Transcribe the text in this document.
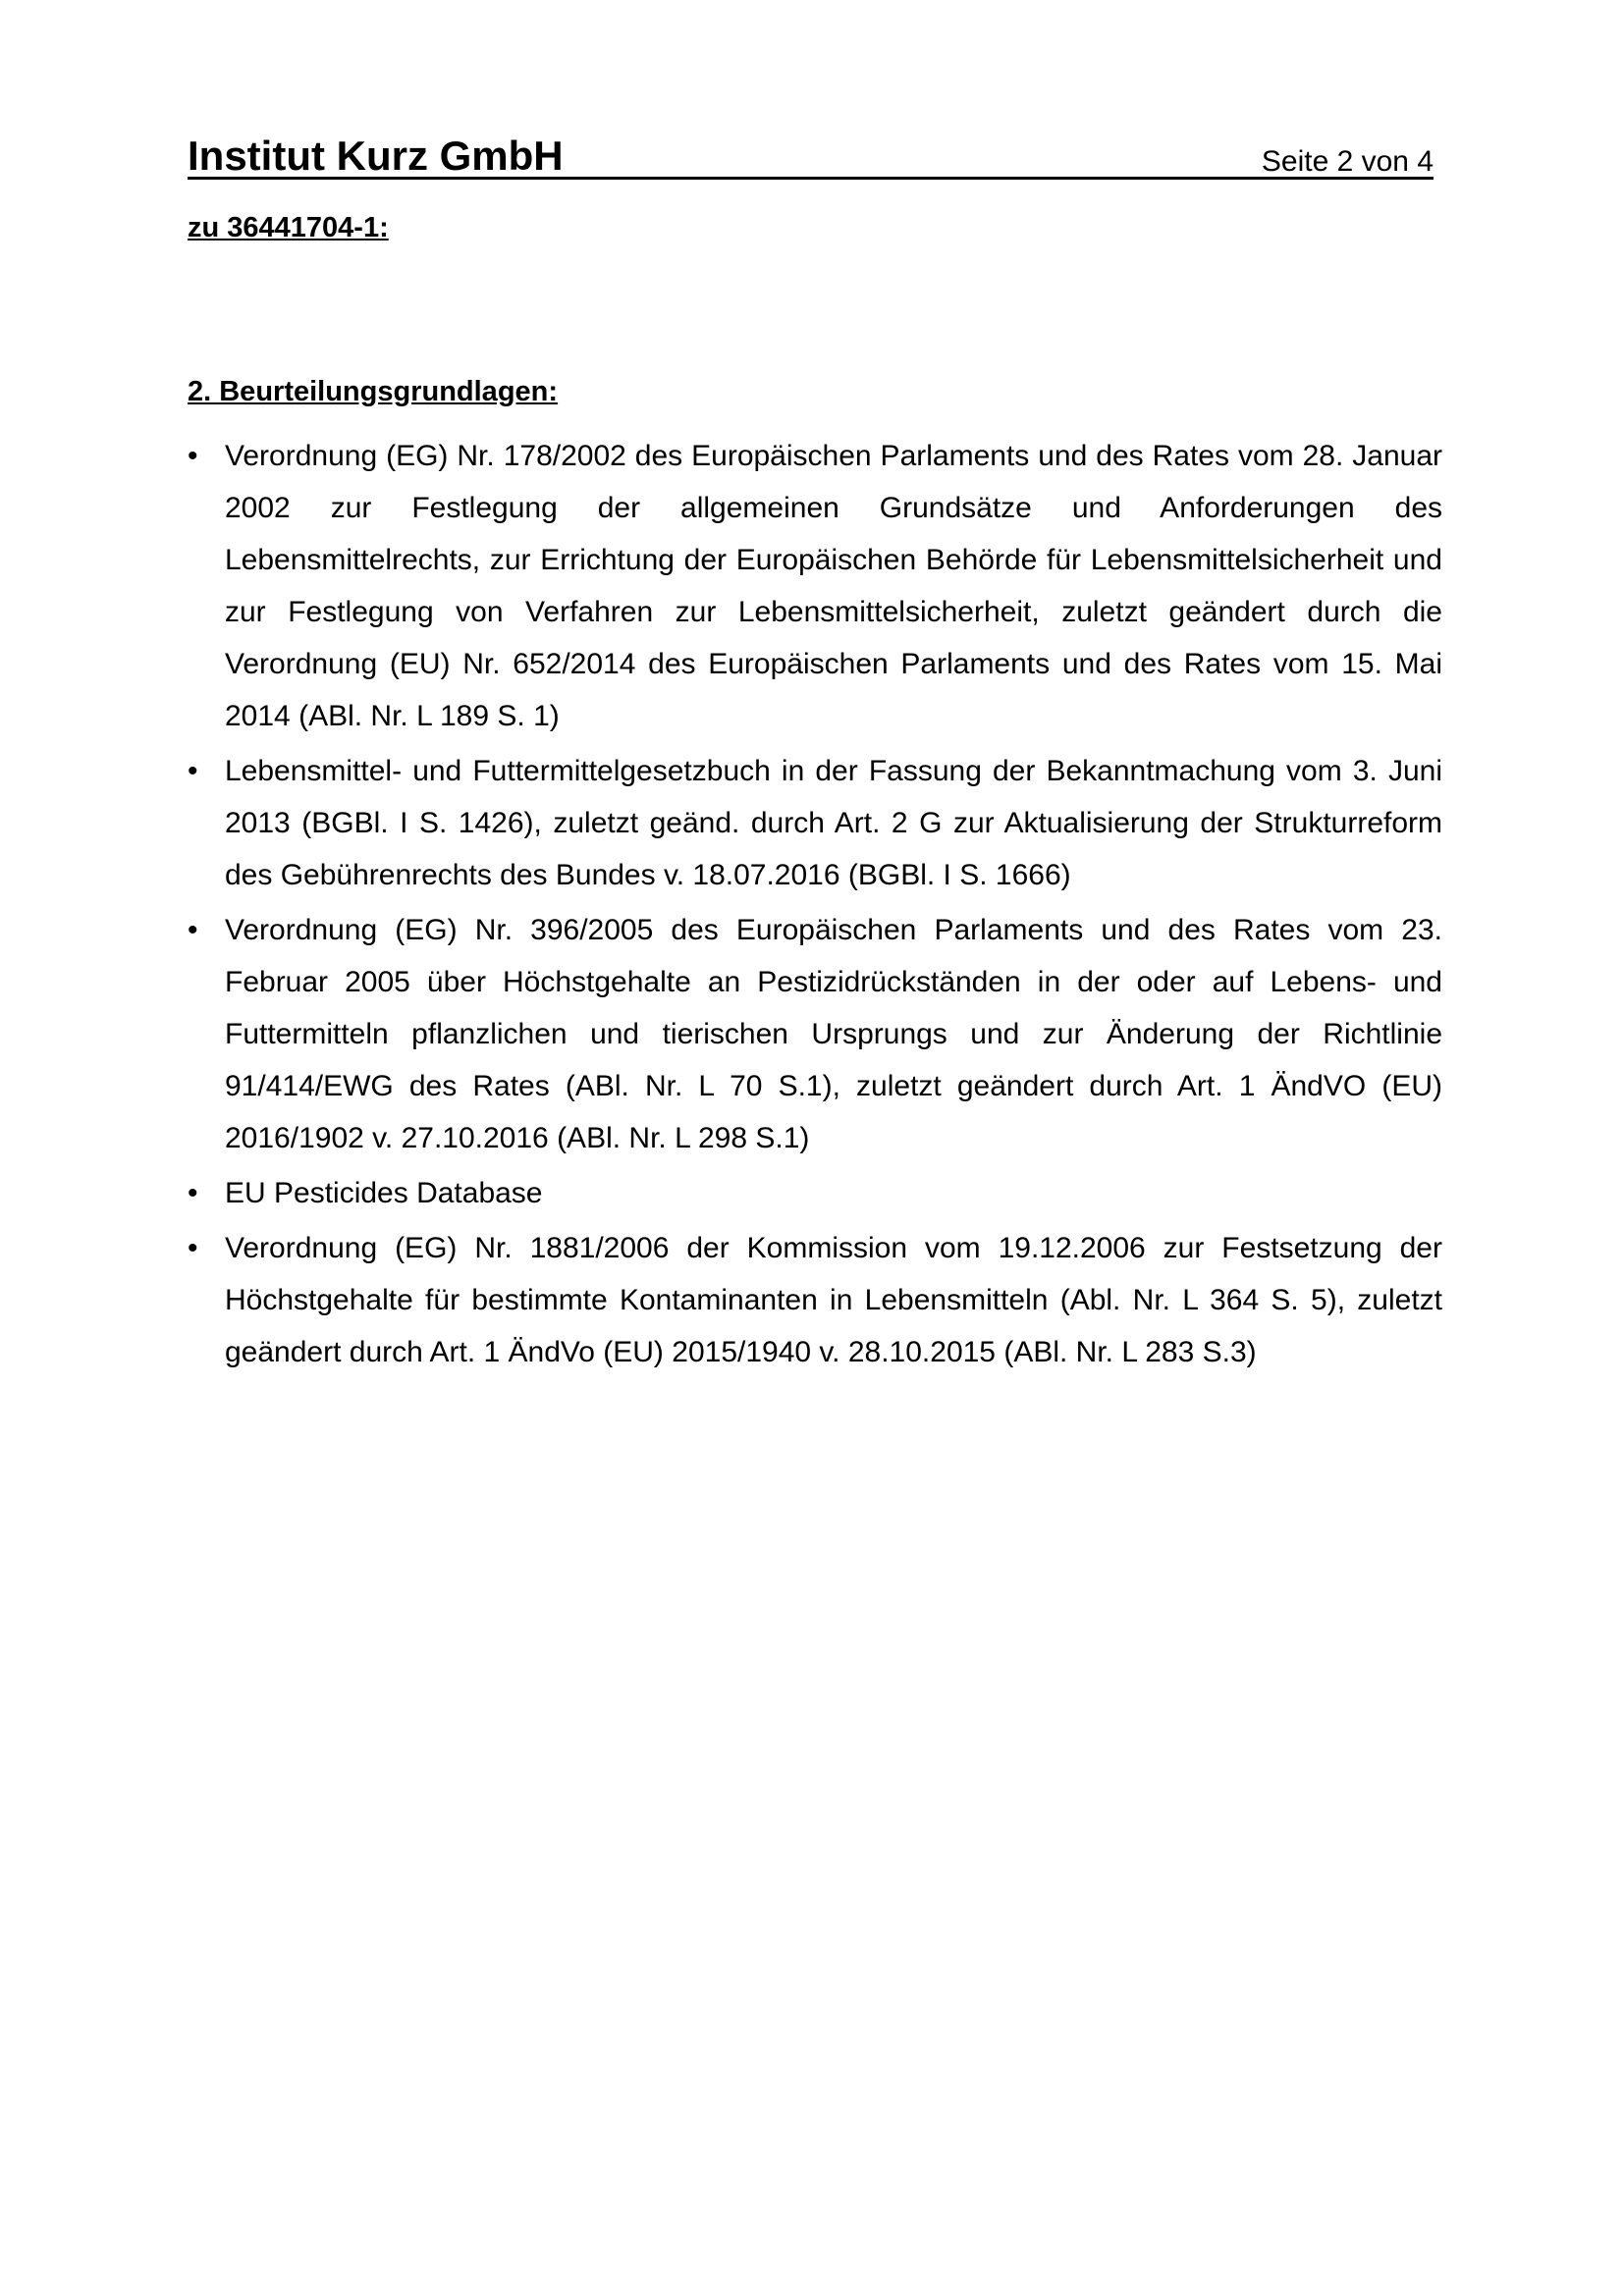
Institut Kurz GmbH	Seite 2 von 4

zu 36441704-1:

2. Beurteilungsgrundlagen:
• Verordnung (EG) Nr. 178/2002 des Europäischen Parlaments und des Rates vom 28. Januar 2002 zur Festlegung der allgemeinen Grundsätze und Anforderungen des Lebensmittelrechts, zur Errichtung der Europäischen Behörde für Lebensmittelsicherheit und zur Festlegung von Verfahren zur Lebensmittelsicherheit, zuletzt geändert durch die Verordnung (EU) Nr. 652/2014 des Europäischen Parlaments und des Rates vom 15. Mai 2014 (ABl. Nr. L 189 S. 1)
• Lebensmittel- und Futtermittelgesetzbuch in der Fassung der Bekanntmachung vom 3. Juni 2013 (BGBl. I S. 1426), zuletzt geänd. durch Art. 2 G zur Aktualisierung der Strukturreform des Gebührenrechts des Bundes v. 18.07.2016 (BGBl. I S. 1666)
• Verordnung (EG) Nr. 396/2005 des Europäischen Parlaments und des Rates vom 23. Februar 2005 über Höchstgehalte an Pestizidrückständen in der oder auf Lebens- und Futtermitteln pflanzlichen und tierischen Ursprungs und zur Änderung der Richtlinie 91/414/EWG des Rates (ABl. Nr. L 70 S.1), zuletzt geändert durch Art. 1 ÄndVO (EU) 2016/1902 v. 27.10.2016 (ABl. Nr. L 298 S.1)
• EU Pesticides Database
• Verordnung (EG) Nr. 1881/2006 der Kommission vom 19.12.2006 zur Festsetzung der Höchstgehalte für bestimmte Kontaminanten in Lebensmitteln (Abl. Nr. L 364 S. 5), zuletzt geändert durch Art. 1 ÄndVo (EU) 2015/1940 v. 28.10.2015 (ABl. Nr. L 283 S.3)
